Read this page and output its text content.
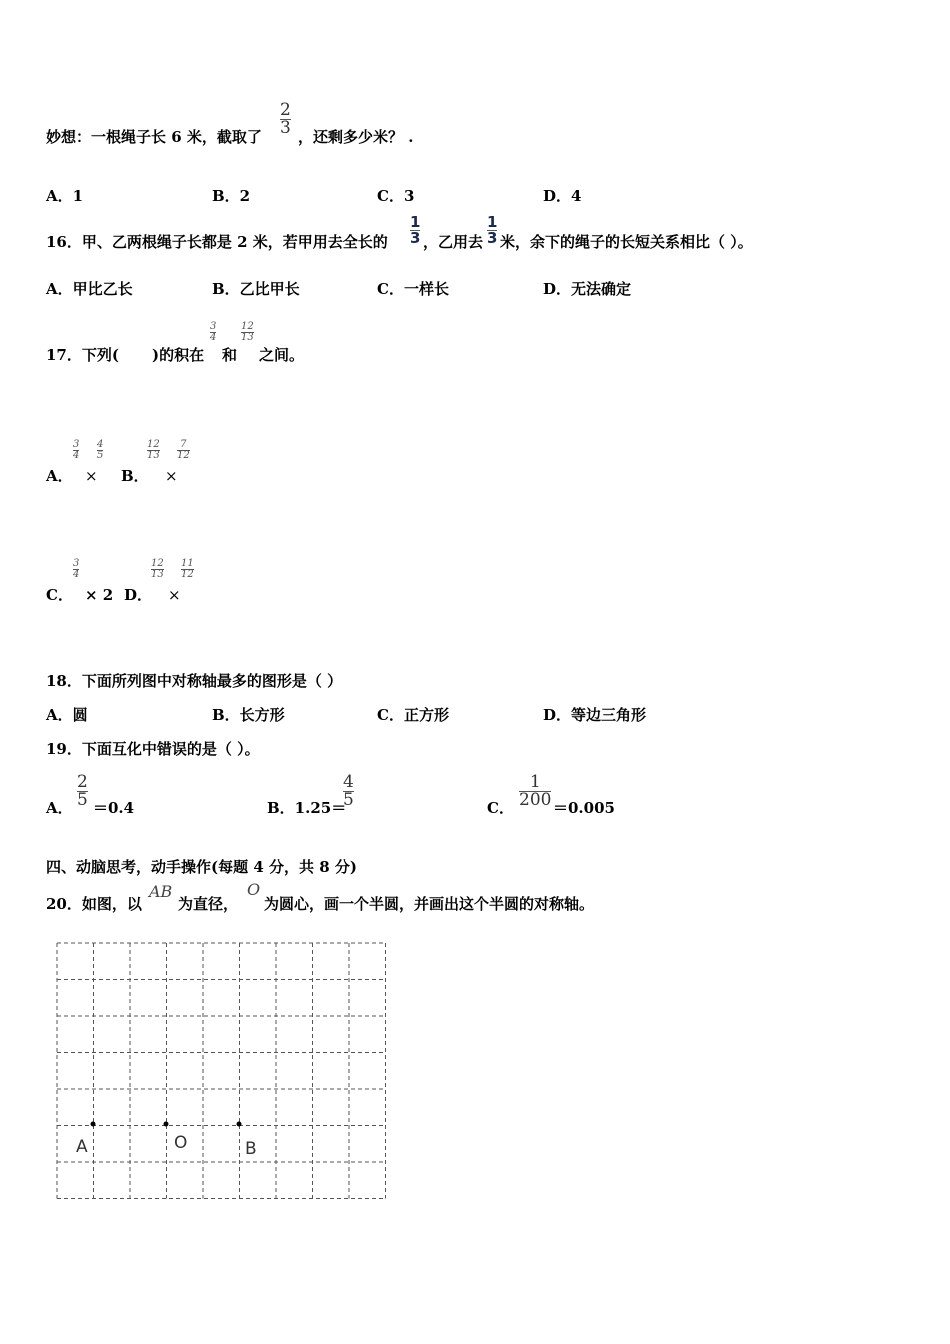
妙想：一根绳子长 6 米，截取了
2
3 ，还剩多少米？ .
A．1	B．2	C．3	D．4
16．甲、乙两根绳子长都是 2 米，若甲用去全长的
1
3 ，乙用去
1
3 米，余下的绳子的长短关系相比（ ）。
A．甲比乙长	B．乙比甲长	C．一样长	D．无法确定
17．下列( )的积在
3
4
和
12
13
之间。
A．
3
4
×
4
5
B．
12
13
×
7
12
C．
3
4
× 2 D．
12
13
×
11
12
18．下面所列图中对称轴最多的图形是（ ）
A．圆	B．长方形	C．正方形	D．等边三角形
19．下面互化中错误的是（ ）。
A．
2
5 ＝0.4	B．1.25＝
4
5	C．
1
200 ＝0.005
四、动脑思考，动手操作(每题 4 分，共 8 分)
20．如图，以
AB
为直径，
O
为圆心，画一个半圆，并画出这个半圆的对称轴。
A	O	B
